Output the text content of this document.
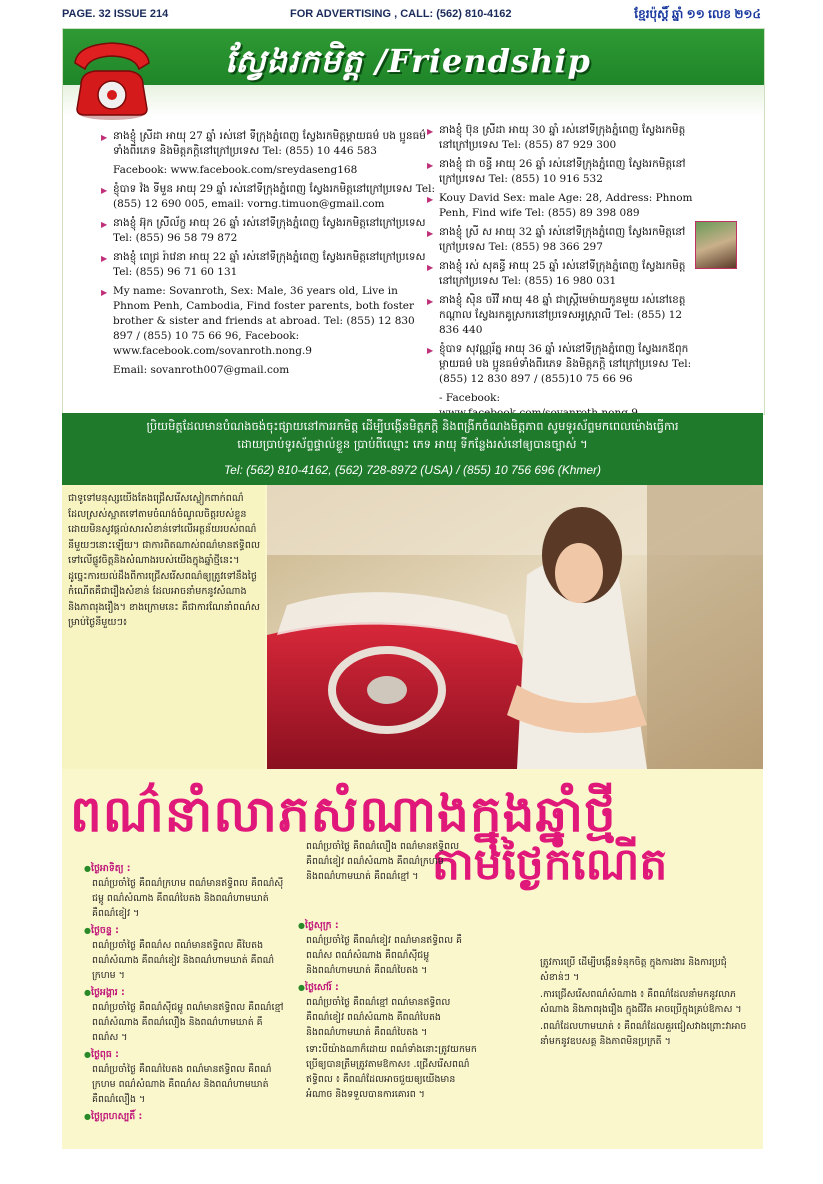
PAGE. 32 ISSUE 214	FOR ADVERTISING , CALL: (562) 810-4162	ខ្មែរប៉ុស្តិ៍ ឆ្នាំ ១១ លេខ ២១៤
ស្វែងរកមិត្ត /Friendship
▶ នាងខ្ញុំ ស្រីដា អាយុ 27 ឆ្នាំ រស់នៅ ទីក្រុងភ្នំពេញ ស្វែងរកមិត្តម្តាយធម៌ បង ប្អូនធម៌ ទាំងពីរភេទ និងមិត្តភក្តិនៅក្រៅប្រទេស Tel: (855) 10 446 583
Facebook: www.facebook.com/sreydaseng168
▶ ខ្ញុំបាទ វ៉ង ទីមួន អាយុ 29 ឆ្នាំ រស់នៅទីក្រុងភ្នំពេញ ស្វែងរកមិត្តនៅក្រៅប្រទេស Tel: (855) 12 690 005, email: vorng.timuon@gmail.com
▶ នាងខ្ញុំ អ៊ុក ស្រីល័ក្ខ អាយុ 26 ឆ្នាំ រស់នៅទីក្រុងភ្នំពេញ ស្វែងរកមិត្តនៅក្រៅប្រទេស Tel: (855) 96 58 79 872
▶ នាងខ្ញុំ ពេជ្រ រ៉ាវេនា អាយុ 22 ឆ្នាំ រស់នៅទីក្រុងភ្នំពេញ ស្វែងរកមិត្តនៅក្រៅប្រទេស Tel: (855) 96 71 60 131
▶ My name: Sovanroth, Sex: Male, 36 years old, Live in Phnom Penh, Cambodia, Find foster parents, both foster brother & sister and friends at abroad. Tel: (855) 12 830 897 / (855) 10 75 66 96, Facebook: www.facebook.com/sovanroth.nong.9
Email: sovanroth007@gmail.com
▶ នាងខ្ញុំ ប៊ុន ស្រីដា អាយុ 30 ឆ្នាំ រស់នៅទីក្រុងភ្នំពេញ ស្វែងរកមិត្តនៅក្រៅប្រទេស Tel: (855) 87 929 300
▶ នាងខ្ញុំ ជា ចន្ធី អាយុ 26 ឆ្នាំ រស់នៅទីក្រុងភ្នំពេញ ស្វែងរកមិត្តនៅក្រៅប្រទេស Tel: (855) 10 916 532
▶ Kouy David Sex: male Age: 28, Address: Phnom Penh, Find wife Tel: (855) 89 398 089
▶ នាងខ្ញុំ ស្រី ស អាយុ 32 ឆ្នាំ រស់នៅទីក្រុងភ្នំពេញ ស្វែងរកមិត្តនៅក្រៅប្រទេស Tel: (855) 98 366 297
▶ នាងខ្ញុំ រស់ សុគន្ធី អាយុ 25 ឆ្នាំ រស់នៅទីក្រុងភ្នំពេញ ស្វែងរកមិត្តនៅក្រៅប្រទេស Tel: (855) 16 980 031
▶ នាងខ្ញុំ ស៊ិន ចរិវី អាយុ 48 ឆ្នាំ ជាស្ត្រីមេម៉ាយកូនមួយ រស់នៅខេត្តកណ្តាល ស្វែងរកគូស្រករនៅប្រទេសអូស្ត្រាលី Tel: (855) 12 836 440
▶ ខ្ញុំបាទ សុវណ្ណរ័ត្ន អាយុ 36 ឆ្នាំ រស់នៅទីក្រុងភ្នំពេញ ស្វែងរកឪពុកម្តាយធម៌ បង ប្អូនធម៌ទាំងពីរភេទ និងមិត្តភក្តិ នៅក្រៅប្រទេស Tel: (855) 12 830 897 / (855)10 75 66 96
- Facebook:
ប្រិយមិត្តដែលមានបំណងចង់ចុះផ្សាយនៅការរកមិត្ត ដើម្បីបង្កើនមិត្តភក្តិ និងពង្រីកចំណងមិត្តភាព សូមទូរស័ព្ទមកពេលម៉ោងធ្វើការ
ដោយប្រាប់ទូរស័ព្ទផ្ទាល់ខ្លួន ប្រាប់ពីឈ្មោះ ភេទ អាយុ ទីកន្លែងរស់នៅឲ្យបានច្បាស់ ។
Tel: (562) 810-4162, (562) 728-8972 (USA) / (855) 10 756 696 (Khmer)
ជាទូទៅមនុស្សយើងតែងជ្រើសរើសស្លៀកពាក់ពណ៌ដែលស្រស់ស្អាតទៅតាមចំណង់ចំណូលចិត្តរបស់ខ្លួន ដោយមិនសូវផ្តល់សារសំខាន់ទៅលើអត្ថន័យរបស់ពណ៌នីមួយៗនោះឡើយ។ ជាការពិតណាស់ពណ៌មានឥទ្ធិពលទៅលើផ្លូវចិត្តនិងសំណាងរបស់យើងក្នុងឆ្នាំថ្មីនេះ។ ដូច្នេះការយល់ដឹងពីការជ្រើសរើសពណ៌ឲ្យត្រូវទៅនឹងថ្ងៃកំណើតគឺជារឿងសំខាន់ ដែលអាចនាំមកនូវសំណាង និងភាពរុងរឿង។ ខាងក្រោមនេះ គឺជាការណែនាំពណ៌សម្រាប់ថ្ងៃនីមួយៗ៖
ពណ៌នាំលាភសំណាងក្នុងឆ្នាំថ្មី
តាមថ្ងៃកំណើត
● ថ្ងៃអាទិត្យ :

ពណ៌ប្រចាំថ្ងៃ គឺពណ៌ក្រហម ពណ៌មានឥទ្ធិពល គឺពណ៌ស៊ីជម្ពូ ពណ៌សំណាង គឺពណ៌បៃតង និងពណ៌ហាមឃាត់ គឺពណ៌ខៀវ ។

● ថ្ងៃចន្ទ :

ពណ៌ប្រចាំថ្ងៃ គឺពណ៌ស ពណ៌មានឥទ្ធិពល គឺបៃតង ពណ៌សំណាង គឺពណ៌ខៀវ និងពណ៌ហាមឃាត់ គឺពណ៌ក្រហម ។

● ថ្ងៃអង្គារ :

ពណ៌ប្រចាំថ្ងៃ គឺពណ៌ស៊ីជម្ពូ ពណ៌មានឥទ្ធិពល គឺពណ៌ខ្មៅ ពណ៌សំណាង គឺពណ៌លឿង និងពណ៌ហាមឃាត់ គឺពណ៌ស ។

● ថ្ងៃពុធ :

ពណ៌ប្រចាំថ្ងៃ គឺពណ៌បៃតង ពណ៌មានឥទ្ធិពល គឺពណ៌ក្រហម ពណ៌សំណាង គឺពណ៌ស និងពណ៌ហាមឃាត់ គឺពណ៌លឿង ។

● ថ្ងៃព្រហស្បតិ៍ :

ពណ៌ប្រចាំថ្ងៃ គឺពណ៌លឿង ពណ៌មានឥទ្ធិពល គឺពណ៌ខៀវ ពណ៌សំណាង គឺពណ៌ក្រហម និងពណ៌ហាមឃាត់ គឺពណ៌ខ្មៅ ។

● ថ្ងៃសុក្រ :

ពណ៌ប្រចាំថ្ងៃ គឺពណ៌ខៀវ ពណ៌មានឥទ្ធិពល គឺពណ៌ស ពណ៌សំណាង គឺពណ៌ស៊ីជម្ពូ និងពណ៌ហាមឃាត់ គឺពណ៌បៃតង ។

● ថ្ងៃសៅរ៍ :

ពណ៌ប្រចាំថ្ងៃ គឺពណ៌ខ្មៅ ពណ៌មានឥទ្ធិពល គឺពណ៌ខៀវ ពណ៌សំណាង គឺពណ៌បៃតង និងពណ៌ហាមឃាត់ គឺពណ៌បៃតង ។

ទោះបីយ៉ាងណាក៏ដោយ ពណ៌ទាំងនោះត្រូវយកមកប្រើឲ្យបានត្រឹមត្រូវតាមឱកាស៖ .ជ្រើសរើសពណ៌ឥទ្ធិពល ៖ គឺពណ៌ដែលអាចជួយឲ្យយើងមានអំណាច និងទទួលបានការគោរព ។

ត្រូវការប្រើ ដើម្បីបង្កើនទំនុកចិត្ត ក្នុងការងារ និងការប្រជុំសំខាន់ៗ ។

.ការជ្រើសរើសពណ៌សំណាង ៖ គឺពណ៌ដែលនាំមកនូវលាភសំណាង និងភាពរុងរឿង ក្នុងជីវិត អាចប្រើក្នុងគ្រប់ឱកាស ។

.ពណ៌ដែលហាមឃាត់ ៖ គឺពណ៌ដែលគួរជៀសវាងព្រោះវាអាចនាំមកនូវឧបសគ្គ និងភាពមិនប្រក្រតី ។
